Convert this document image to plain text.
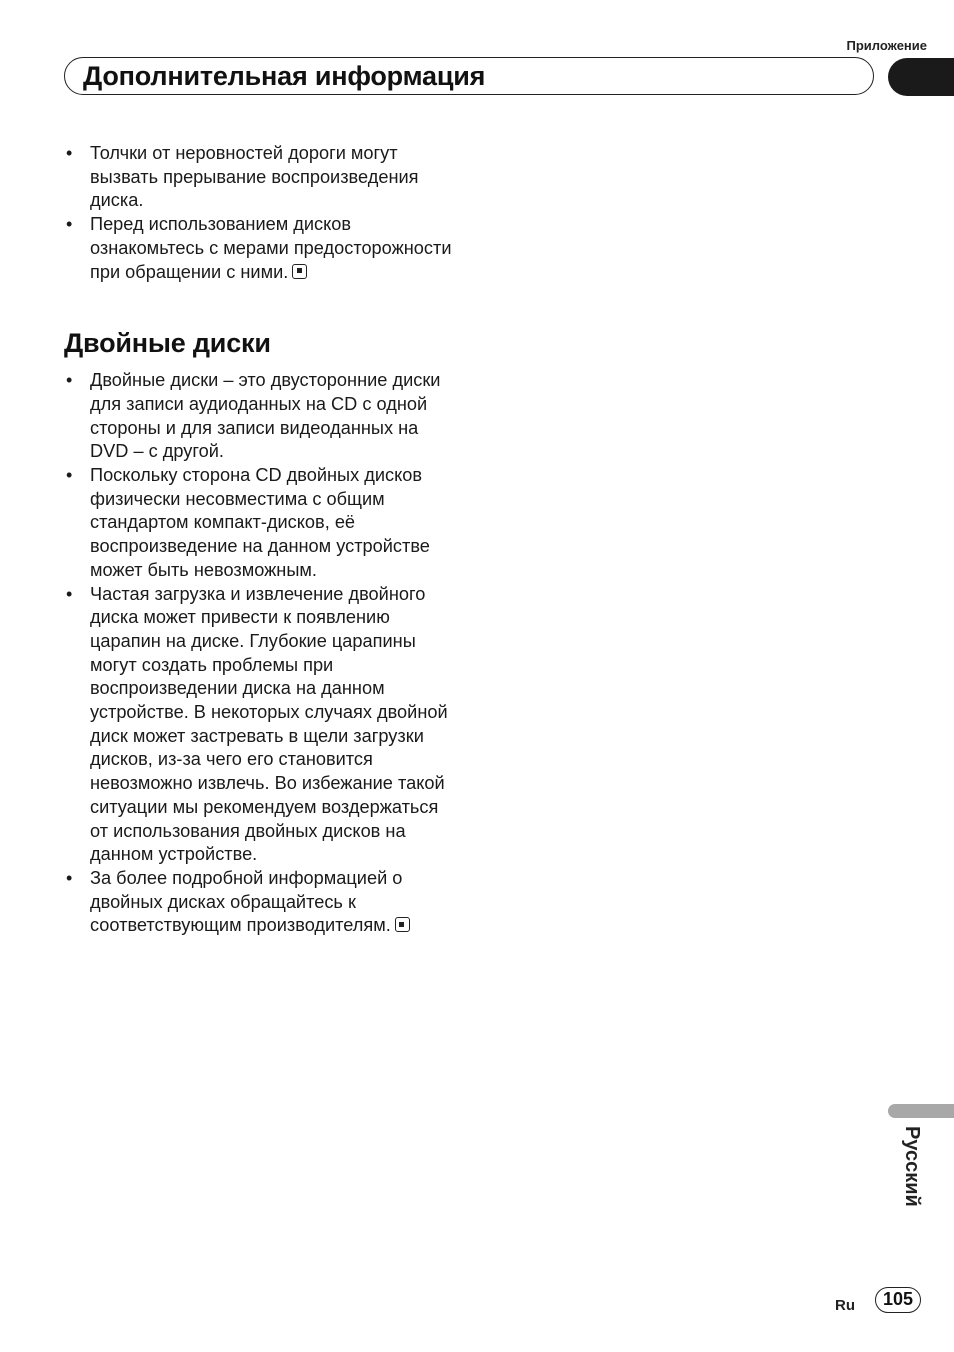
Приложение
Дополнительная информация
• Толчки от неровностей дороги могут вызвать прерывание воспроизведения диска.
• Перед использованием дисков ознакомьтесь с мерами предосторожности при обращении с ними.
Двойные диски
• Двойные диски – это двусторонние диски для записи аудиоданных на CD с одной стороны и для записи видеоданных на DVD – с другой.
• Поскольку сторона CD двойных дисков физически несовместима с общим стандартом компакт-дисков, её воспроизведение на данном устройстве может быть невозможным.
• Частая загрузка и извлечение двойного диска может привести к появлению царапин на диске. Глубокие царапины могут создать проблемы при воспроизведении диска на данном устройстве. В некоторых случаях двойной диск может застревать в щели загрузки дисков, из-за чего его становится невозможно извлечь. Во избежание такой ситуации мы рекомендуем воздержаться от использования двойных дисков на данном устройстве.
• За более подробной информацией о двойных дисках обращайтесь к соответствующим производителям.
Русский
Ru	105
